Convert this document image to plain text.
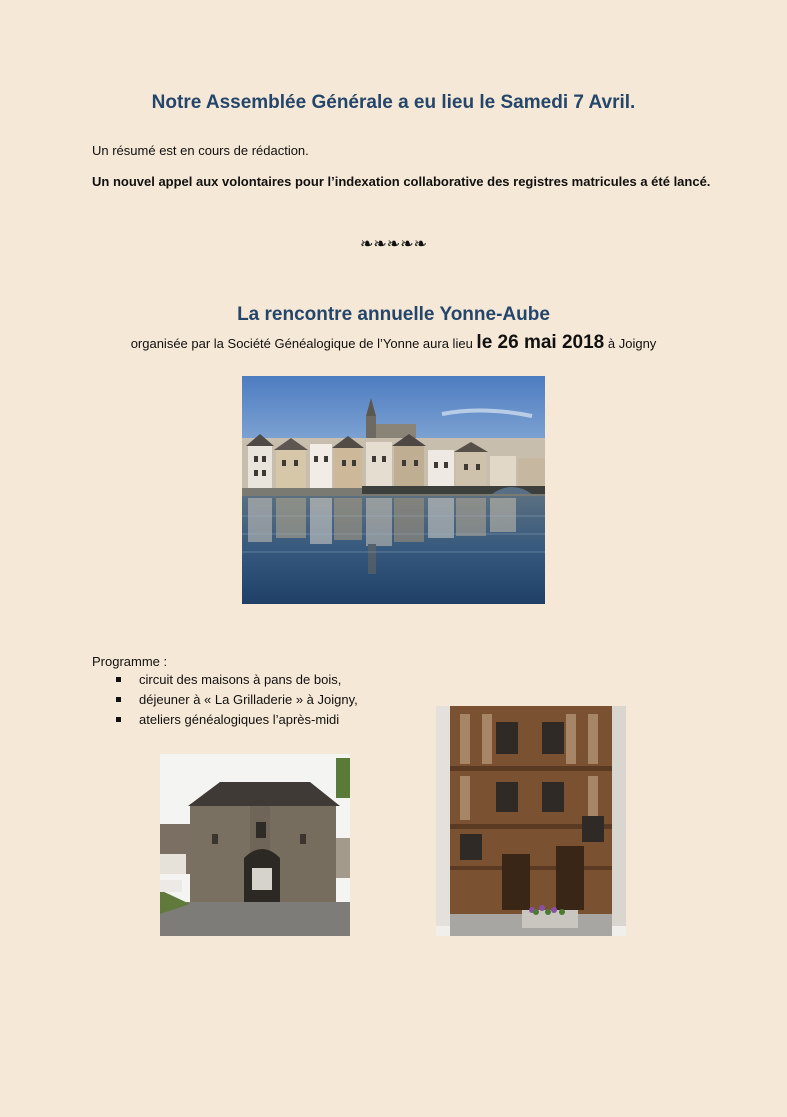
Notre Assemblée Générale a eu lieu le Samedi 7 Avril.
Un résumé est en cours de rédaction.
Un nouvel appel aux volontaires pour l’indexation collaborative des registres matricules a été lancé.
❧❧❧❧❧
La rencontre annuelle Yonne-Aube
organisée par la Société Généalogique de l’Yonne aura lieu le 26 mai 2018 à Joigny
Programme :
circuit des maisons à pans de bois,
déjeuner à « La Grilladerie » à Joigny,
ateliers généalogiques l’après-midi
